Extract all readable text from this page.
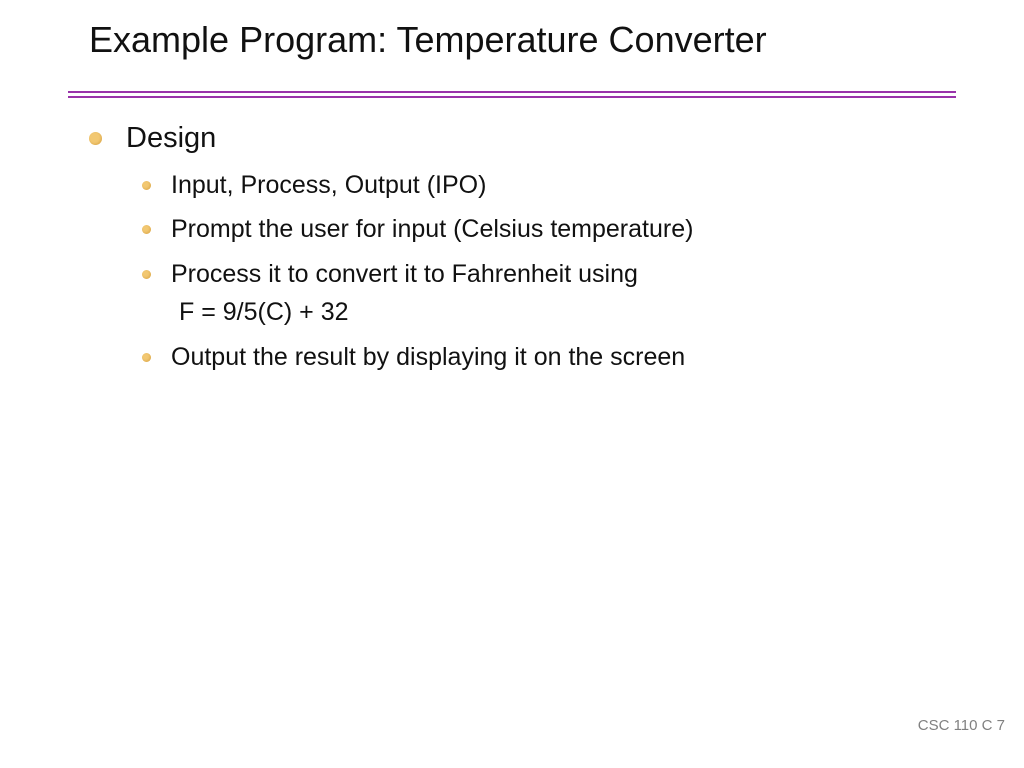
Example Program: Temperature Converter
Design
Input, Process, Output (IPO)
Prompt the user for input (Celsius temperature)
Process it to convert it to Fahrenheit using
F = 9/5(C) + 32
Output the result by displaying it on the screen
CSC 110 C 7
